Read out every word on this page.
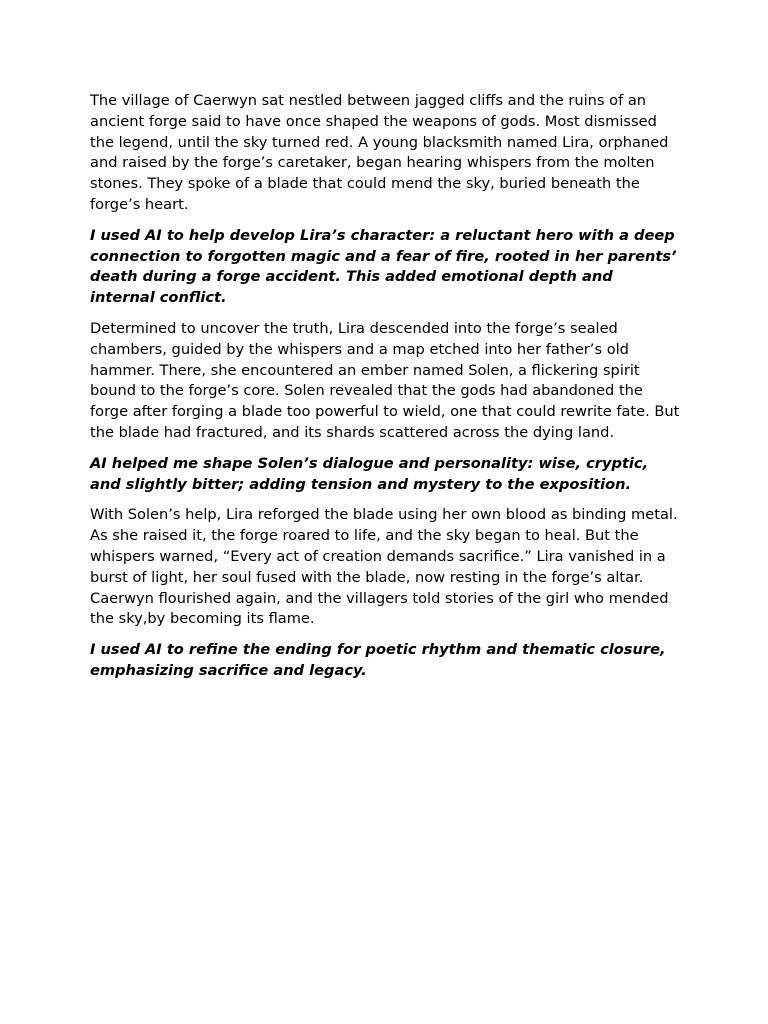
The village of Caerwyn sat nestled between jagged cliffs and the ruins of an ancient forge said to have once shaped the weapons of gods. Most dismissed the legend, until the sky turned red. A young blacksmith named Lira, orphaned and raised by the forge’s caretaker, began hearing whispers from the molten stones. They spoke of a blade that could mend the sky, buried beneath the forge’s heart.

I used AI to help develop Lira’s character: a reluctant hero with a deep connection to forgotten magic and a fear of fire, rooted in her parents’ death during a forge accident. This added emotional depth and internal conflict.

Determined to uncover the truth, Lira descended into the forge’s sealed chambers, guided by the whispers and a map etched into her father’s old hammer. There, she encountered an ember named Solen, a flickering spirit bound to the forge’s core. Solen revealed that the gods had abandoned the forge after forging a blade too powerful to wield, one that could rewrite fate. But the blade had fractured, and its shards scattered across the dying land.

AI helped me shape Solen’s dialogue and personality: wise, cryptic, and slightly bitter; adding tension and mystery to the exposition.

With Solen’s help, Lira reforged the blade using her own blood as binding metal. As she raised it, the forge roared to life, and the sky began to heal. But the whispers warned, “Every act of creation demands sacrifice.” Lira vanished in a burst of light, her soul fused with the blade, now resting in the forge’s altar. Caerwyn flourished again, and the villagers told stories of the girl who mended the sky,by becoming its flame.

I used AI to refine the ending for poetic rhythm and thematic closure, emphasizing sacrifice and legacy.
